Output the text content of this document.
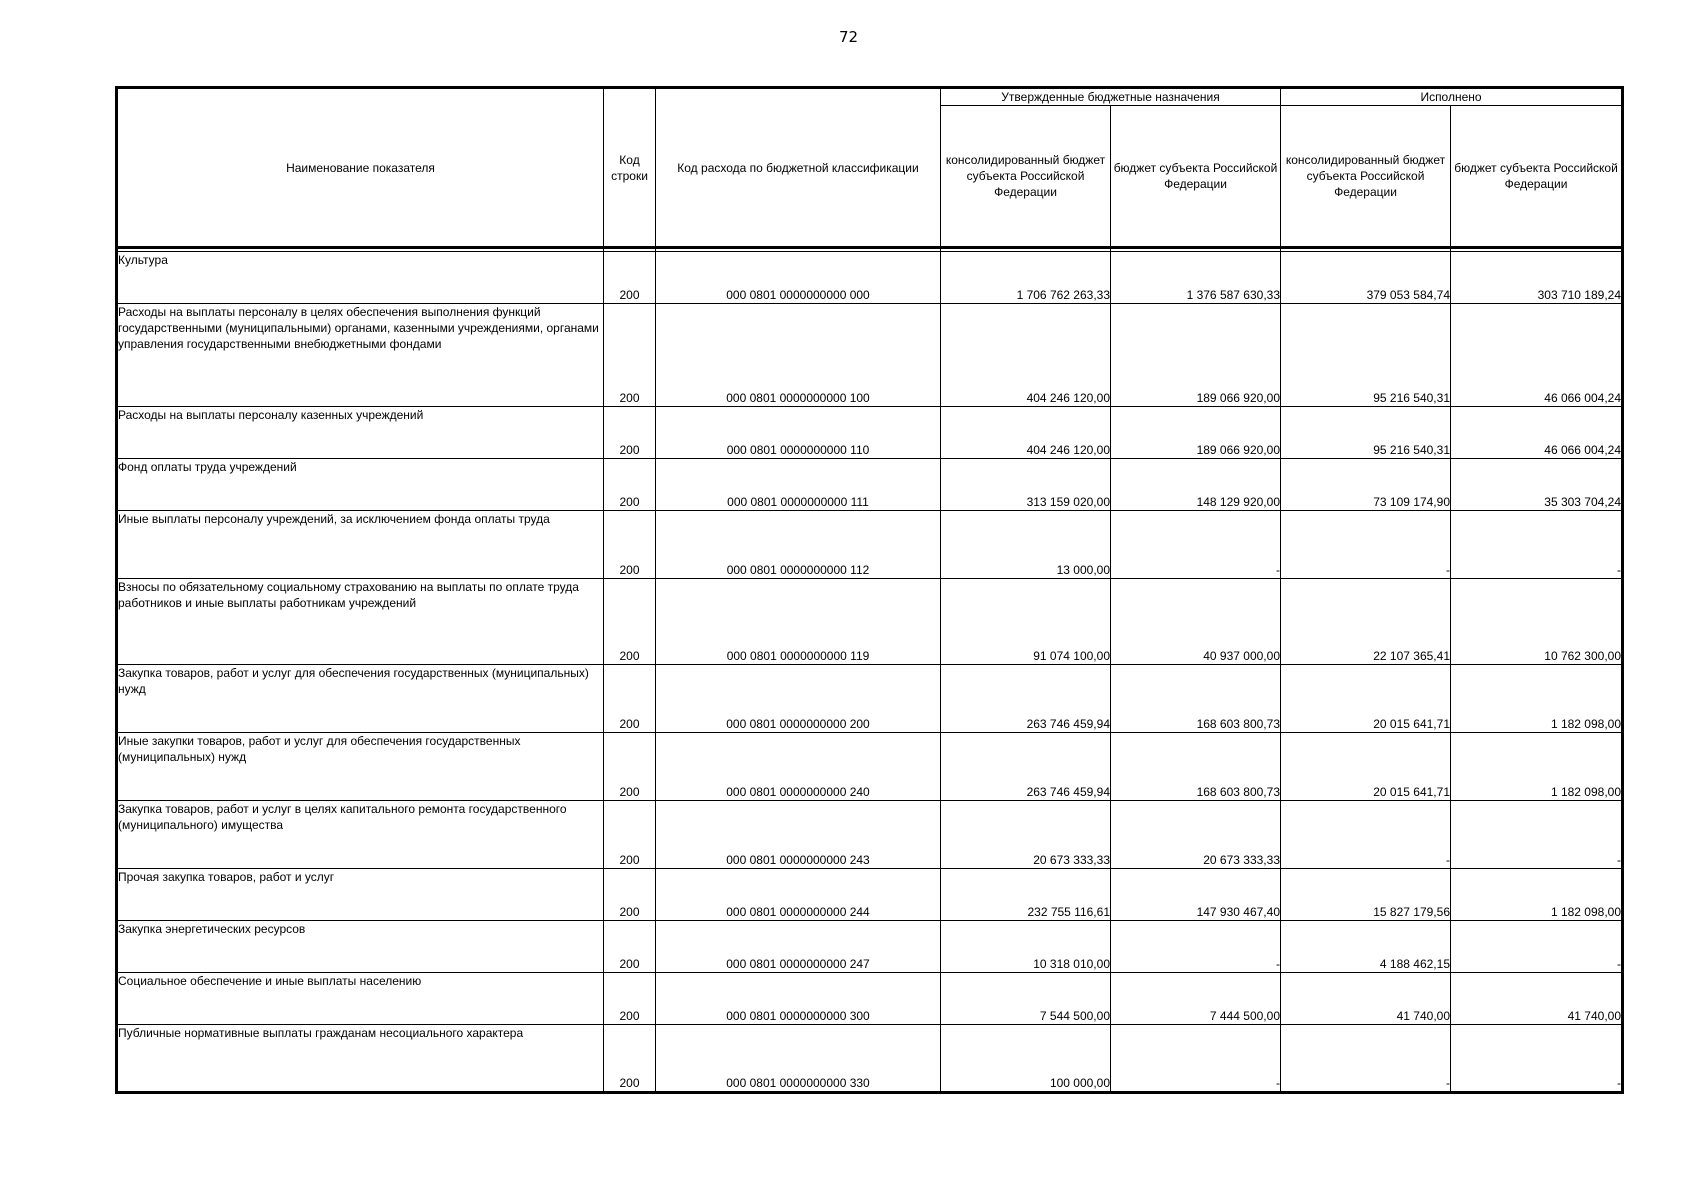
72
Наименование показателя	Код строки	Код расхода по бюджетной классификации	Утвержденные бюджетные назначения		Исполнено	
			консолидированный бюджет субъекта Российской Федерации	бюджет субъекта Российской Федерации	консолидированный бюджет субъекта Российской Федерации	бюджет субъекта Российской Федерации

Культура	200	000 0801 0000000000 000	1 706 762 263,33	1 376 587 630,33	379 053 584,74	303 710 189,24
Расходы на выплаты персоналу в целях обеспечения выполнения функций государственными (муниципальными) органами, казенными учреждениями, органами управления государственными внебюджетными фондами	200	000 0801 0000000000 100	404 246 120,00	189 066 920,00	95 216 540,31	46 066 004,24
Расходы на выплаты персоналу казенных учреждений	200	000 0801 0000000000 110	404 246 120,00	189 066 920,00	95 216 540,31	46 066 004,24
Фонд оплаты труда учреждений	200	000 0801 0000000000 111	313 159 020,00	148 129 920,00	73 109 174,90	35 303 704,24
Иные выплаты персоналу учреждений, за исключением фонда оплаты труда	200	000 0801 0000000000 112	13 000,00	-	-	-
Взносы по обязательному социальному страхованию на выплаты по оплате труда работников и иные выплаты работникам учреждений	200	000 0801 0000000000 119	91 074 100,00	40 937 000,00	22 107 365,41	10 762 300,00
Закупка товаров, работ и услуг для обеспечения государственных (муниципальных) нужд	200	000 0801 0000000000 200	263 746 459,94	168 603 800,73	20 015 641,71	1 182 098,00
Иные закупки товаров, работ и услуг для обеспечения государственных (муниципальных) нужд	200	000 0801 0000000000 240	263 746 459,94	168 603 800,73	20 015 641,71	1 182 098,00
Закупка товаров, работ и услуг в целях капитального ремонта государственного (муниципального) имущества	200	000 0801 0000000000 243	20 673 333,33	20 673 333,33	-	-
Прочая закупка товаров, работ и услуг	200	000 0801 0000000000 244	232 755 116,61	147 930 467,40	15 827 179,56	1 182 098,00
Закупка энергетических ресурсов	200	000 0801 0000000000 247	10 318 010,00	-	4 188 462,15	-
Социальное обеспечение и иные выплаты населению	200	000 0801 0000000000 300	7 544 500,00	7 444 500,00	41 740,00	41 740,00
Публичные нормативные выплаты гражданам несоциального характера	200	000 0801 0000000000 330	100 000,00	-	-	-
